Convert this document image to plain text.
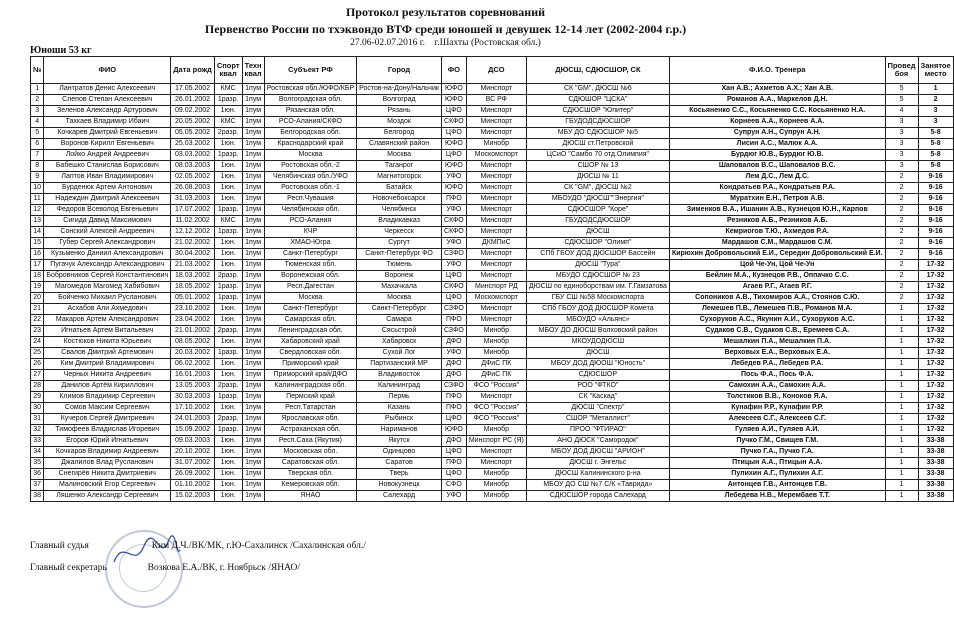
Протокол результатов соревнований
Первенство России по тхэквондо ВТФ среди юношей и девушек 12-14 лет (2002-2004 г.р.)
27.06-02.07.2016 г. г.Шахты (Ростовская обл.)
Юноши 53 кг
№	ФИО	Дата рожд	Спорт квал	Техн квал	Субъект РФ	Город	ФО	ДСО	ДЮСШ, СДЮСШОР, СК	Ф.И.О. Тренера	Провед боя	Занятое место
1	Лантратов Денис Алексеевич	17.05.2002	КМС	1пум	Ростовская обл./ЮФО/КБР	Ростов-на-Дону/Нальчик	ЮФО	Минспорт	СК "GM", ДЮСШ №6	Хан А.В.; Ахметов А.Х.; Хан А.В.	5	1
2	Слепов Степан Алексеевич	26.01.2002	1разр.	1пум	Волгоградская обл.	Волгоград	ЮФО	ВС РФ	СДЮШОР "ЦСКА"	Романов А.А., Маркелов Д.Н.	5	2
3	Зеленов Александр Артурович	09.02.2002	1юн.	1пум	Рязанская обл.	Рязань	ЦФО	Минспорт	СДЮСШОР "Юпитер"	Косьяненко С.С., Косьяненко С.С. Косьяненко Н.А.	4	3
4	Тахкаев Владимир Ибаич	20.05.2002	КМС	1пум	РСО-Алания/СКФО	Моздок	СКФО	Минспорт	ГБУДОДСДЮСШОР	Корнеев А.А., Корнеев А.А.	3	3
5	Кочкарев Дмитрий Евгеньевич	05.05.2002	2разр.	1пум	Белгородская обл.	Белгород	ЦФО	Минспорт	МБУ ДО СДЮСШОР №5	Супрун А.Н., Супрун А.Н.	3	5-8
6	Воронов Кирилл Евгеньевич	25.03.2002	1юн.	1пум	Краснодарский край	Славянский район	ЮФО	Минобр	ДЮСШ ст.Петровской	Лисин А.С., Малюк А.А.	3	5-8
7	Лойко Андрей Андреевич	03.03.2002	1разр.	1пум	Москва	Москва	ЦФО	Москомспорт	ЦСиО "Самбо 70 отд.Олимпия"	Бурдюг Ю.В., Бурдюг Ю.В.	3	5-8
8	Бабешко Станислав Борисович	08.03.2003	1юн.	1пум	Ростовская обл.-2	Таганрог	ЮФО	Минспорт	СШОР № 13	Шаповалов В.С., Шаповалов В.С.	3	5-8
9	Лаптов Иван Владимирович	02.05.2002	1юн.	1пум	Челябинская обл./УФО	Магнитогорск	УФО	Минспорт	ДЮСШ № 11	Лем Д.С., Лем Д.С.	2	9-16
10	Бурденюк Артем Антонович	26.08.2003	1юн.	1пум	Ростовская обл.-1	Батайск	ЮФО	Минспорт	СК "GM", ДЮСШ №2	Кондратьев Р.А., Кондратьев Р.А.	2	9-16
11	Надеждин Дмитрий Алексеевич	31.03.2003	1юн.	1пум	Респ.Чувашия	Новочебоксарск	ПФО	Минспорт	МБОУДО "ДЮСШ""Энергия"	Муратхин Е.Н., Петров А.В.	2	9-16
12	Федоров Всеволод Евгеньевич	17.07.2002	1разр.	1пум	Челябинская обл.	Челябинск	УФО	Минспорт	СДЮСШОР "Коре"	Зименков В.А., Ишанин А.В., Кузнецов Ю.Н., Карпов	2	9-16
13	Сигида Давид Максимович	11.02.2002	КМС	1пум	РСО-Алания	Владикавказ	СКФО	Минспорт	ГБУДОДСДЮСШОР	Резников А.Б., Резников А.Б.	2	9-16
14	Сонский Алексей Андреевич	12.12.2002	1разр.	1пум	КЧР	Черкесск	СКФО	Минспорт	ДЮСШ	Кемриогов Т.Ю., Ахмедов Р.А.	2	9-16
15	Губер Сергей Александрович	21.02.2002	1юн.	1пум	ХМАО-Югра	Сургут	УФО	ДКМПиС	СДЮСШОР "Олимп"	Мардашов С.М., Мардашов С.М.	2	9-16
16	Кузьменко Даниил Александрович	30.04.2002	1юн.	1пум	Санкт-Петербург	Санкт-Петербург ФО	СЗФО	Минспорт	СПб ГБОУ ДОД ДЮСШОР Бассейн	Кирюхин Добровольский Е.И., Середин Добровольский Е.И.	2	9-16
17	Пугачук Александр Александрович	21.03.2002	1юн.	1пум	Тюменская обл.	Тюмень	УФО	Минспорт	ДЮСШ "Тура"	Цой Че-Ун, Цой Че-Ун	2	17-32
18	Бобровников Сергей Константинович	18.03.2002	2разр.	1пум	Воронежская обл.	Воронеж	ЦФО	Минспорт	МБУДО СДЮСШОР № 23	Бейлин М.А., Кузнецов Р.В., Оппачко С.С.	2	17-32
19	Магомедов Магомед Хабибович	18.05.2002	1разр.	1пум	Респ.Дагестан	Махачкала	СКФО	Минспорт РД	ДЮСШ по единоборствам им. Г.Гамзатова	Агаев Р.Г., Агаев Р.Г.	2	17-32
20	Бойченко Михаил Русланович	05.01.2002	1разр.	1пум	Москва	Москва	ЦФО	Москомспорт	ГБУ СШ №58 Москомспорта	Сопоников А.В., Тихомиров А.А., Стоянов С.Ю.	2	17-32
21	Асхабов Али Ахмедович	23.10.2002	1юн.	1пум	Санкт-Петербург	Санкт-Петербург	СЗФО	Минспорт	СПб ГБОУ ДОД ДЮСШОР Комета	Лемешев П.В., Лемешев П.В., Романов М.А.	1	17-32
22	Макаров Артем Александрович	23.04.2002	1юн.	1пум	Самарская обл.	Самара	ПФО	Минспорт	МБОУДО «Альянс»	Сухоруков А.С., Якунин А.И., Сухоруков А.С.	1	17-32
23	Игнатьев Артем Витальевич	21.01.2002	2разр.	1пум	Ленинградская обл.	Сясьстрой	СЗФО	Минобр	МБОУ ДО ДЮСШ Волховский район	Судаков С.В., Судаков С.В., Еремеев С.А.	1	17-32
24	Костюков Никита Юрьевич	08.05.2002	1юн.	1пум	Хабаровский край	Хабаровск	ДФО	Минобр	МКОУДОДЮСШ	Мешалкин П.А., Мешалкин П.А.	1	17-32
25	Свалов Дмитрий Артемович	20.03.2002	1разр.	1пум	Свердловская обл.	Сухой Лог	УФО	Минобр	ДЮСШ	Верховых Е.А., Верховых Е.А.	1	17-32
26	Ким Дмитрий Владимирович	06.02.2002	1юн.	1пум	Приморский край	Партизанский МР	ДФО	ДФиС ПК	МБОУ ДОД ДЮОШ "Юность"	Лебедев Р.А., Лебедев Р.А.	1	17-32
27	Черных Никита Андреевич	16.01.2003	1юн.	1пум	Приморский край/ДФО	Владивосток	ДФО	ДФиС ПК	СДЮСШОР	Пось Ф.А., Пось Ф.А.	1	17-32
28	Данилов Артём Кириллович	13.05.2003	2разр.	1пум	Калининградская обл.	Калининград	СЗФО	ФСО "Россия"	РОО "ФТКО"	Самохин А.А., Самохин А.А.	1	17-32
29	Климов Владимир Сергеевич	30.03.2003	1разр.	1пум	Пермский край	Пермь	ПФО	Минспорт	СК "Каскад"	Толстиков В.В., Коноков Я.А.	1	17-32
30	Сомов Максим Сергеевич	17.10.2002	1юн.	1пум	Респ.Татарстан	Казань	ПФО	ФСО "Россия"	ДЮСШ "Спектр"	Кунафин Р.Р., Кунафин Р.Р.	1	17-32
31	Кучеров Сергей Дмитриевич	24.01.2003	2разр.	1пум	Ярославская обл.	Рыбинск	ЦФО	ФСО "Россия"	СШОР "Металлист"	Алексеев С.Г., Алексеев С.Г.	1	17-32
32	Тимофеев Владислав Игоревич	15.09.2002	1разр.	1пум	Астраханская обл.	Нариманов	ЮФО	Минобр	ПРОО "ФТИРАО"	Гуляев А.И., Гуляев А.И.	1	17-32
33	Егоров Юрий Игнатьевич	09.03.2003	1юн.	1пум	Респ.Саха (Якутия)	Якутск	ДФО	Минспорт РС (Я)	АНО ДЮСК "Самородок"	Пучко Г.М., Свищев Г.М.	1	33-38
34	Кочкаров Владимир Андреевич	20.10.2002	1юн.	1пум	Московская обл.	Одинцово	ЦФО	Минспорт	МБОУ ДОД ДЮСШ "АРИОН"	Пучко Г.А., Пучко Г.А.	1	33-38
35	Джалилов Влад Русланович	31.07.2002	1юн.	1пум	Саратовская обл.	Саратов	ПФО	Минспорт	ДЮСШ г. Энгельс	Птицын А.А., Птицын А.А.	1	33-38
36	Снегирёв Никита Дмитриевич	26.09.2002	1юн.	1пум	Тверская обл.	Тверь	ЦФО	Минобр	ДЮСШ Калининского р-на	Пулихин А.Г., Пулихин А.Г.	1	33-38
37	Малиновский Егор Сергеевич	01.10.2002	1юн.	1пум	Кемеровская обл.	Новокузнецк	СФО	Минобр	МБОУ ДО СШ №7 С/К «Таврида»	Антонцев Г.В., Антонцев Г.В.	1	33-38
38	Ляшенко Александр Сергеевич	15.02.2003	1юн.	1пум	ЯНАО	Салехард	УФО	Минобр	СДЮСШОР города Салехард	Лебедева Н.В., Мерембаев Т.Т.	1	33-38
Главный судья	Ким Д.Ч./ВК/МК, г.Ю-Сахалинск /Сахалинская обл./
Главный секретарь	Возкова Е.А./ВК, г. Ноябрьск /ЯНАО/
